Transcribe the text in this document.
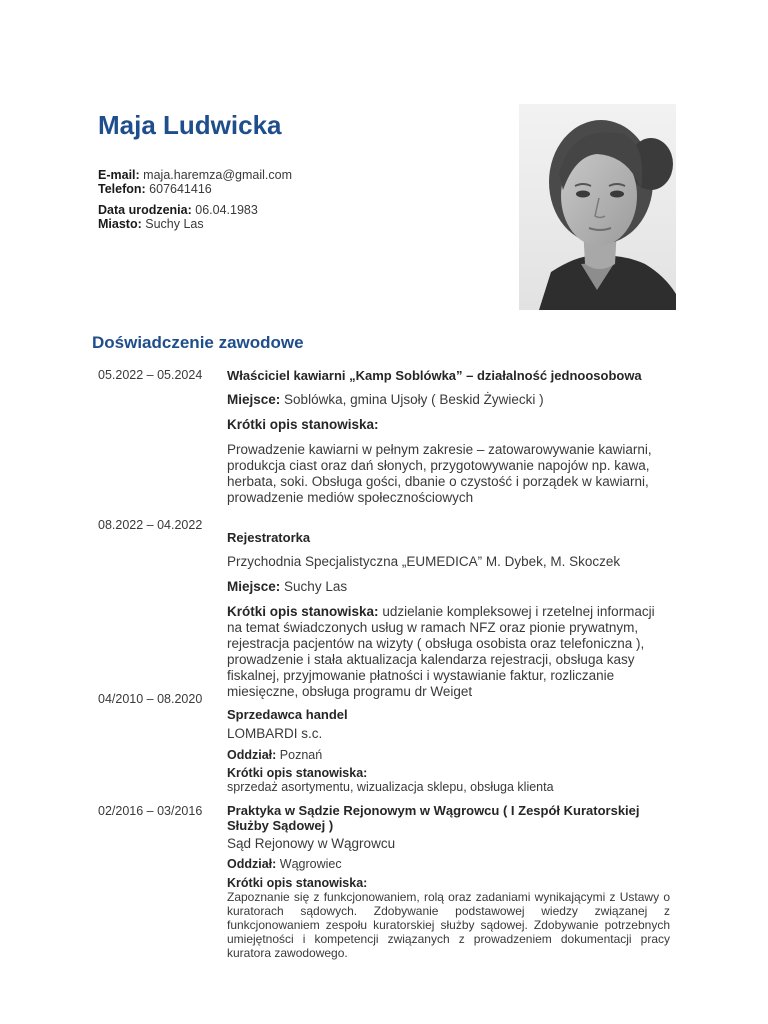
Maja Ludwicka
E-mail: maja.haremza@gmail.com
Telefon: 607641416
Data urodzenia: 06.04.1983
Miasto: Suchy Las
Doświadczenie zawodowe
05.2022 – 05.2024 Właściciel kawiarni „Kamp Soblówka” – działalność jednoosobowa
Miejsce: Soblówka, gmina Ujsoły ( Beskid Żywiecki )
Krótki opis stanowiska:
Prowadzenie kawiarni w pełnym zakresie – zatowarowywanie kawiarni, produkcja ciast oraz dań słonych, przygotowywanie napojów np. kawa, herbata, soki. Obsługa gości, dbanie o czystość i porządek w kawiarni, prowadzenie mediów społecznościowych
08.2022 – 04.2022
Rejestratorka
Przychodnia Specjalistyczna „EUMEDICA” M. Dybek, M. Skoczek
Miejsce: Suchy Las
Krótki opis stanowiska: udzielanie kompleksowej i rzetelnej informacji na temat świadczonych usług w ramach NFZ oraz pionie prywatnym, rejestracja pacjentów na wizyty ( obsługa osobista oraz telefoniczna ), prowadzenie i stała aktualizacja kalendarza rejestracji, obsługa kasy fiskalnej, przyjmowanie płatności i wystawianie faktur, rozliczanie miesięczne, obsługa programu dr Weiget
04/2010 – 08.2020
Sprzedawca handel
LOMBARDI s.c.
Oddział: Poznań
Krótki opis stanowiska:
sprzedaż asortymentu, wizualizacja sklepu, obsługa klienta
02/2016 – 03/2016 Praktyka w Sądzie Rejonowym w Wągrowcu ( I Zespół Kuratorskiej Służby Sądowej )
Sąd Rejonowy w Wągrowcu
Oddział: Wągrowiec
Krótki opis stanowiska:
Zapoznanie się z funkcjonowaniem, rolą oraz zadaniami wynikającymi z Ustawy o kuratorach sądowych. Zdobywanie podstawowej wiedzy związanej z funkcjonowaniem zespołu kuratorskiej służby sądowej. Zdobywanie potrzebnych umiejętności i kompetencji związanych z prowadzeniem dokumentacji pracy kuratora zawodowego.
